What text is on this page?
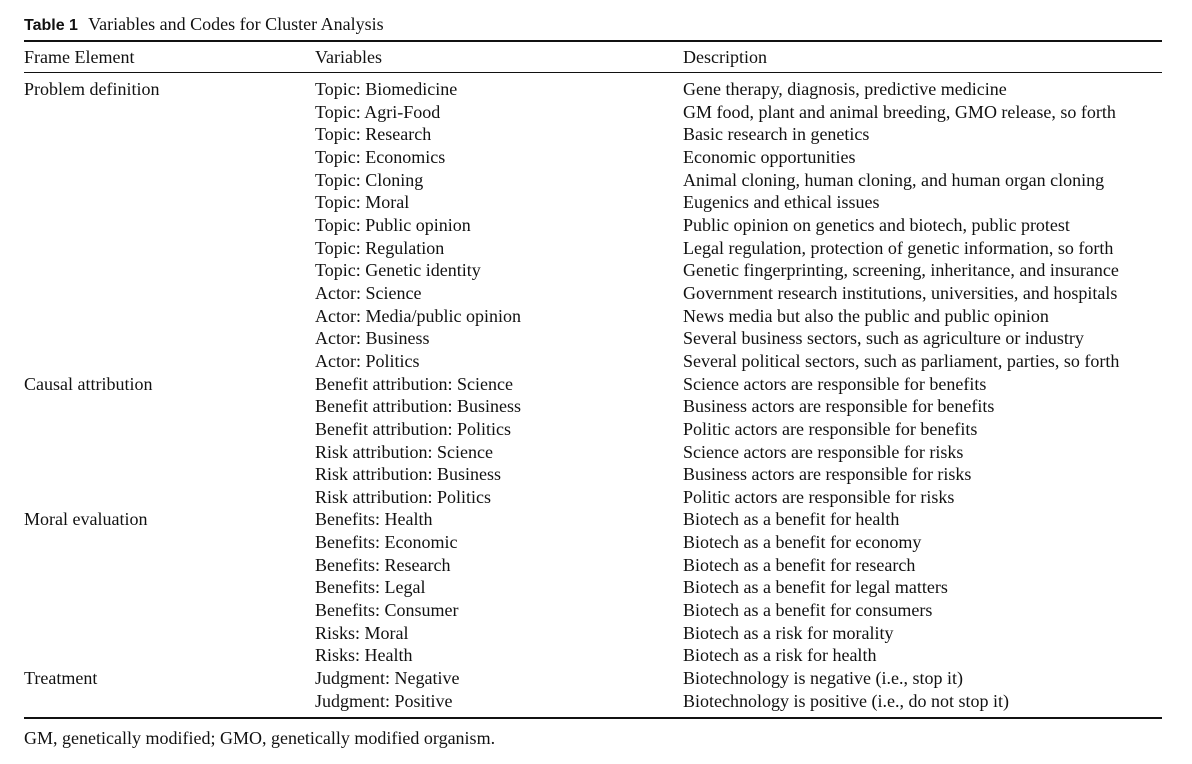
Table 1 Variables and Codes for Cluster Analysis
Frame Element	Variables	Description
Problem definition	Topic: Biomedicine	Gene therapy, diagnosis, predictive medicine
Topic: Agri-Food	GM food, plant and animal breeding, GMO release, so forth
Topic: Research	Basic research in genetics
Topic: Economics	Economic opportunities
Topic: Cloning	Animal cloning, human cloning, and human organ cloning
Topic: Moral	Eugenics and ethical issues
Topic: Public opinion	Public opinion on genetics and biotech, public protest
Topic: Regulation	Legal regulation, protection of genetic information, so forth
Topic: Genetic identity	Genetic fingerprinting, screening, inheritance, and insurance
Actor: Science	Government research institutions, universities, and hospitals
Actor: Media/public opinion	News media but also the public and public opinion
Actor: Business	Several business sectors, such as agriculture or industry
Actor: Politics	Several political sectors, such as parliament, parties, so forth
Causal attribution	Benefit attribution: Science	Science actors are responsible for benefits
Benefit attribution: Business	Business actors are responsible for benefits
Benefit attribution: Politics	Politic actors are responsible for benefits
Risk attribution: Science	Science actors are responsible for risks
Risk attribution: Business	Business actors are responsible for risks
Risk attribution: Politics	Politic actors are responsible for risks
Moral evaluation	Benefits: Health	Biotech as a benefit for health
Benefits: Economic	Biotech as a benefit for economy
Benefits: Research	Biotech as a benefit for research
Benefits: Legal	Biotech as a benefit for legal matters
Benefits: Consumer	Biotech as a benefit for consumers
Risks: Moral	Biotech as a risk for morality
Risks: Health	Biotech as a risk for health
Treatment	Judgment: Negative	Biotechnology is negative (i.e., stop it)
Judgment: Positive	Biotechnology is positive (i.e., do not stop it)
GM, genetically modified; GMO, genetically modified organism.
